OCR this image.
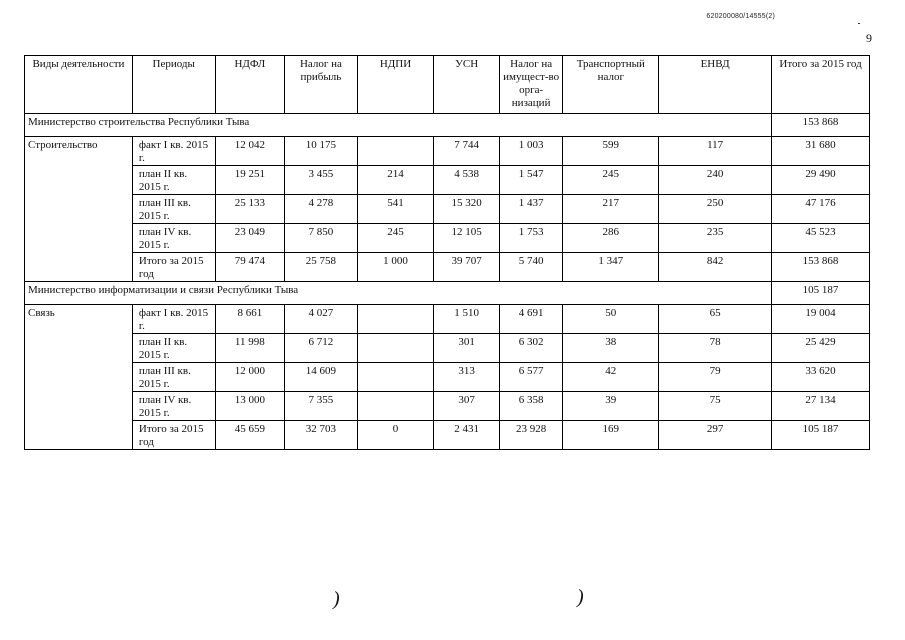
620200080/14555(2)
9
Виды деятельности	Периоды	НДФЛ	Налог на прибыль	НДПИ	УСН	Налог на имущест-во орга-низаций	Транспортный налог	ЕНВД	Итого за 2015 год
Министерство строительства Республики Тыва									153 868
Строительство	факт I кв. 2015 г.	12 042	10 175		7 744	1 003	599	117	31 680
	план II кв. 2015 г.	19 251	3 455	214	4 538	1 547	245	240	29 490
	план III кв. 2015 г.	25 133	4 278	541	15 320	1 437	217	250	47 176
	план IV кв. 2015 г.	23 049	7 850	245	12 105	1 753	286	235	45 523
	Итого за 2015 год	79 474	25 758	1 000	39 707	5 740	1 347	842	153 868
Министерство информатизации и связи Республики Тыва									105 187
Связь	факт I кв. 2015 г.	8 661	4 027		1 510	4 691	50	65	19 004
	план II кв. 2015 г.	11 998	6 712		301	6 302	38	78	25 429
	план III кв. 2015 г.	12 000	14 609		313	6 577	42	79	33 620
	план IV кв. 2015 г.	13 000	7 355		307	6 358	39	75	27 134
	Итого за 2015 год	45 659	32 703	0	2 431	23 928	169	297	105 187
)	)
